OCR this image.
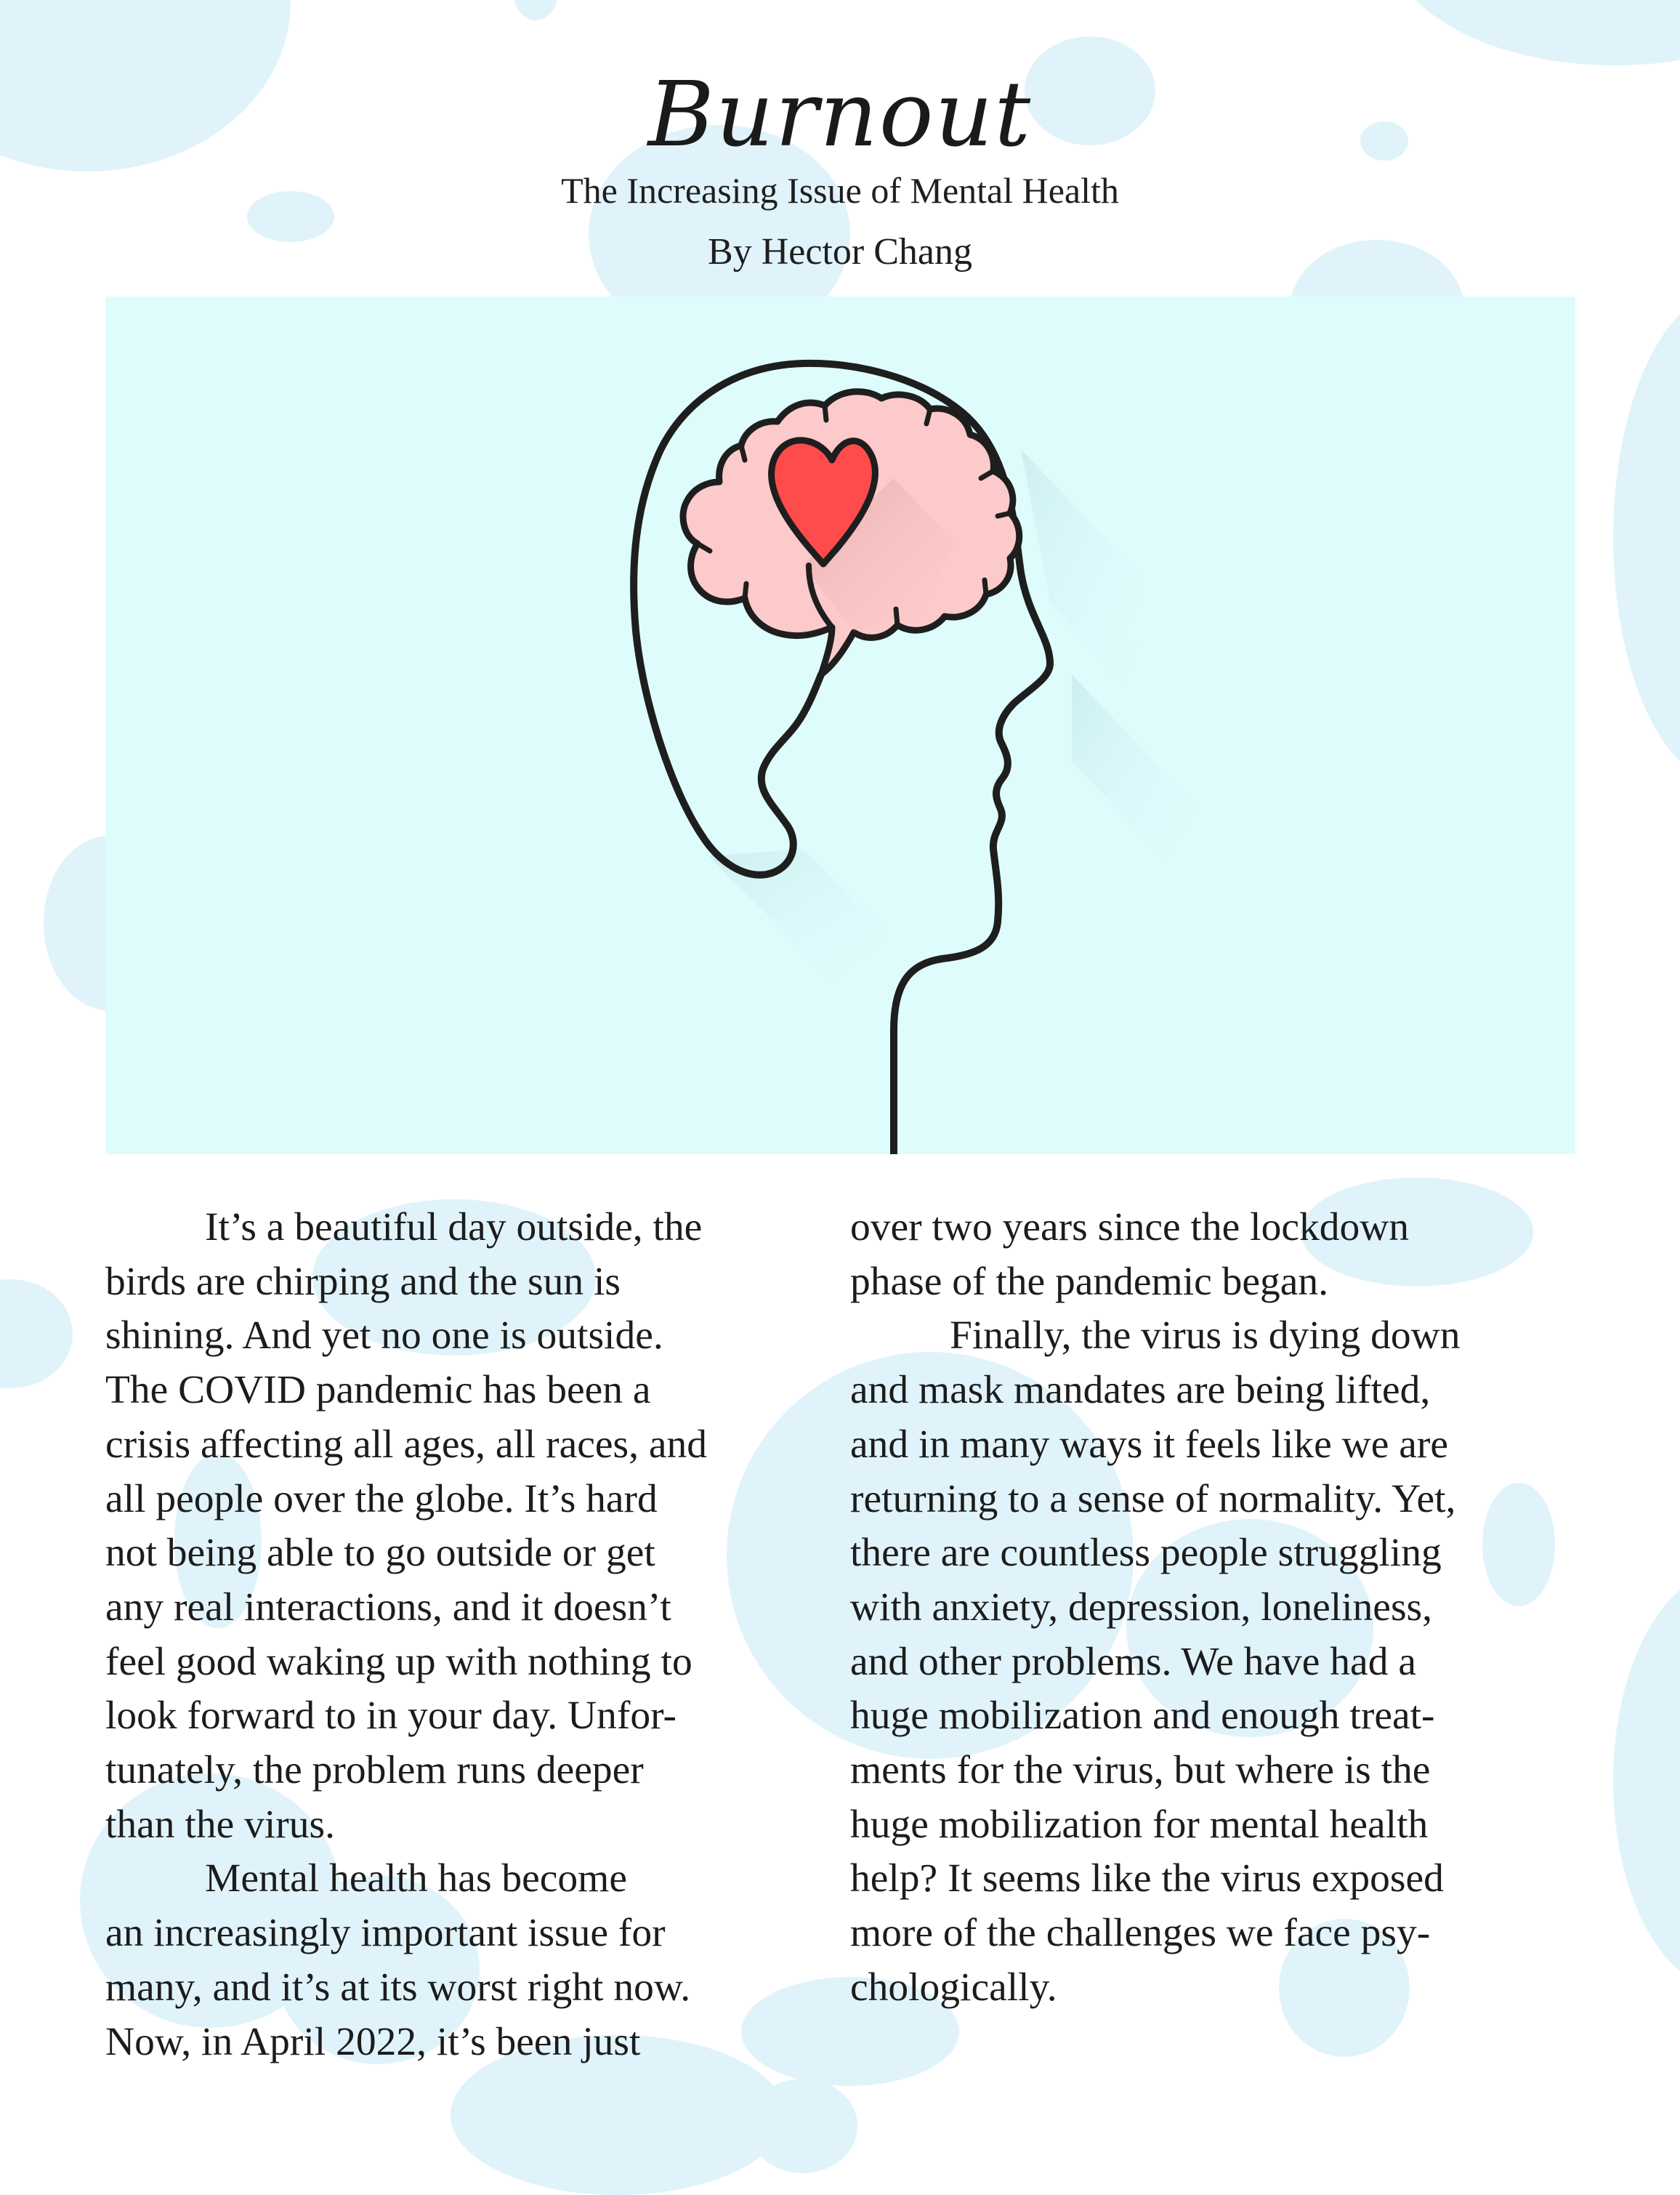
Burnout
The Increasing Issue of Mental Health
By Hector Chang
It’s a beautiful day outside, the
birds are chirping and the sun is
shining. And yet no one is outside.
The COVID pandemic has been a
crisis affecting all ages, all races, and
all people over the globe. It’s hard
not being able to go outside or get
any real interactions, and it doesn’t
feel good waking up with nothing to
look forward to in your day. Unfor-
tunately, the problem runs deeper
than the virus.
Mental health has become
an increasingly important issue for
many, and it’s at its worst right now.
Now, in April 2022, it’s been just
over two years since the lockdown
phase of the pandemic began.
Finally, the virus is dying down
and mask mandates are being lifted,
and in many ways it feels like we are
returning to a sense of normality. Yet,
there are countless people struggling
with anxiety, depression, loneliness,
and other problems. We have had a
huge mobilization and enough treat-
ments for the virus, but where is the
huge mobilization for mental health
help? It seems like the virus exposed
more of the challenges we face psy-
chologically.
